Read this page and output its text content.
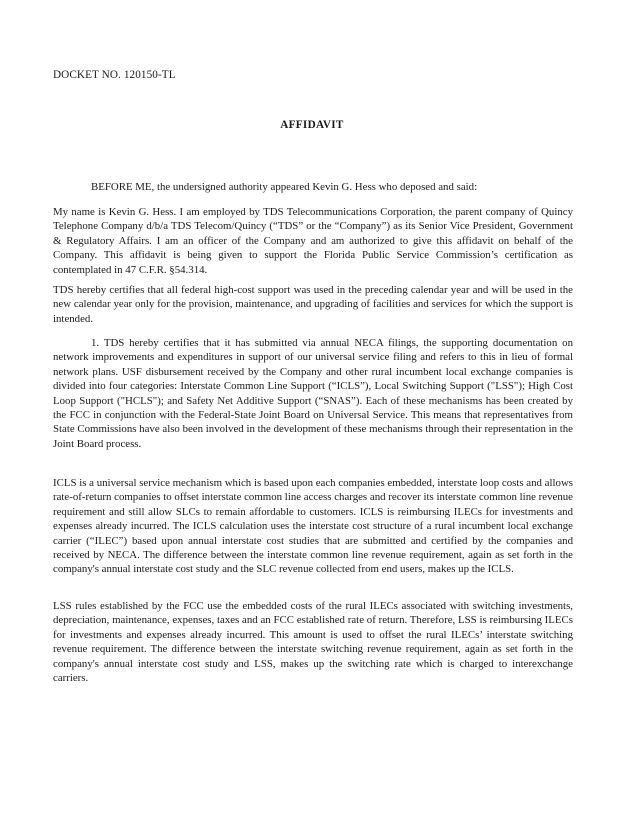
DOCKET NO. 120150-TL
AFFIDAVIT

BEFORE ME, the undersigned authority appeared Kevin G. Hess who deposed and said:

My name is Kevin G. Hess. I am employed by TDS Telecommunications Corporation, the parent company of Quincy Telephone Company d/b/a TDS Telecom/Quincy (“TDS” or the “Company”) as its Senior Vice President, Government & Regulatory Affairs. I am an officer of the Company and am authorized to give this affidavit on behalf of the Company. This affidavit is being given to support the Florida Public Service Commission’s certification as contemplated in 47 C.F.R. §54.314.

TDS hereby certifies that all federal high-cost support was used in the preceding calendar year and will be used in the new calendar year only for the provision, maintenance, and upgrading of facilities and services for which the support is intended.

1. TDS hereby certifies that it has submitted via annual NECA filings, the supporting documentation on network improvements and expenditures in support of our universal service filing and refers to this in lieu of formal network plans. USF disbursement received by the Company and other rural incumbent local exchange companies is divided into four categories: Interstate Common Line Support (“ICLS”), Local Switching Support ("LSS"); High Cost Loop Support ("HCLS"); and Safety Net Additive Support (“SNAS”). Each of these mechanisms has been created by the FCC in conjunction with the Federal-State Joint Board on Universal Service. This means that representatives from State Commissions have also been involved in the development of these mechanisms through their representation in the Joint Board process.

ICLS is a universal service mechanism which is based upon each companies embedded, interstate loop costs and allows rate-of-return companies to offset interstate common line access charges and recover its interstate common line revenue requirement and still allow SLCs to remain affordable to customers. ICLS is reimbursing ILECs for investments and expenses already incurred. The ICLS calculation uses the interstate cost structure of a rural incumbent local exchange carrier (“ILEC”) based upon annual interstate cost studies that are submitted and certified by the companies and received by NECA. The difference between the interstate common line revenue requirement, again as set forth in the company's annual interstate cost study and the SLC revenue collected from end users, makes up the ICLS.

LSS rules established by the FCC use the embedded costs of the rural ILECs associated with switching investments, depreciation, maintenance, expenses, taxes and an FCC established rate of return. Therefore, LSS is reimbursing ILECs for investments and expenses already incurred. This amount is used to offset the rural ILECs’ interstate switching revenue requirement. The difference between the interstate switching revenue requirement, again as set forth in the company's annual interstate cost study and LSS, makes up the switching rate which is charged to interexchange carriers.
